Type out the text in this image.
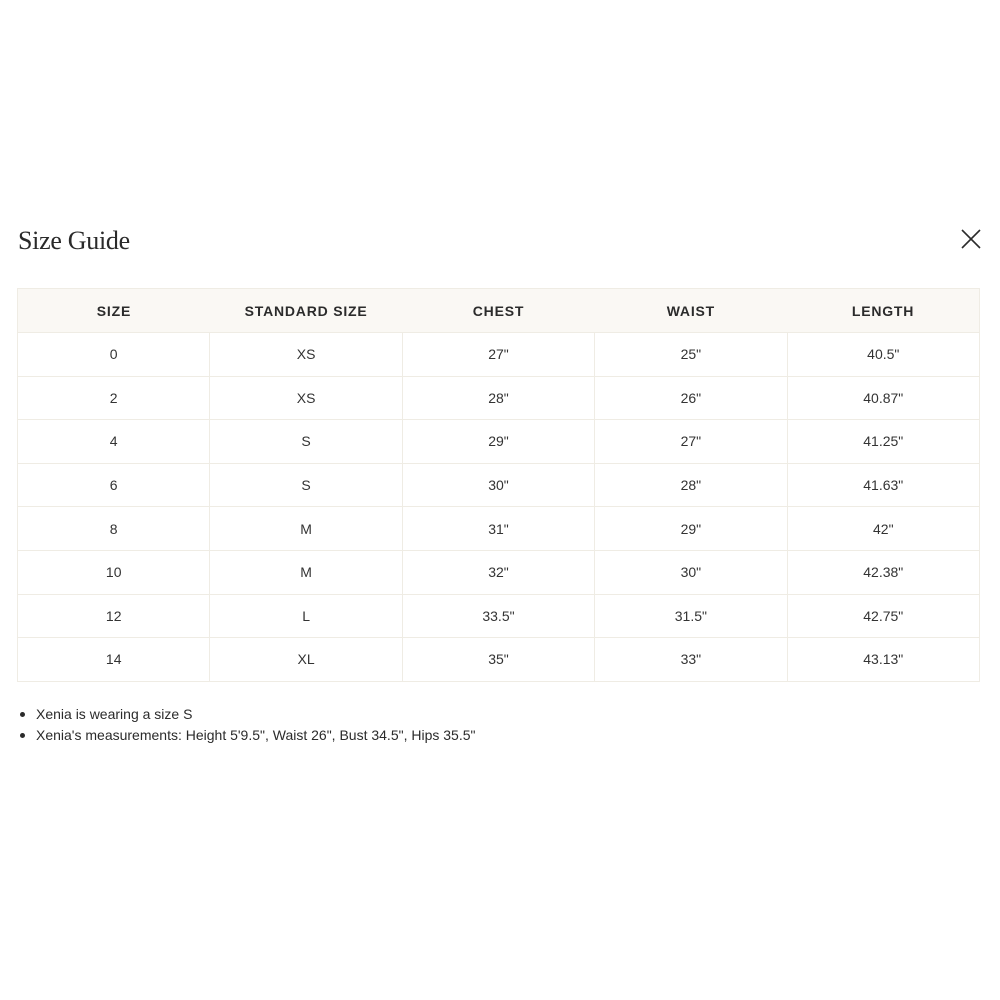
Size Guide
SIZE	STANDARD SIZE	CHEST	WAIST	LENGTH
0	XS	27"	25"	40.5"
2	XS	28"	26"	40.87"
4	S	29"	27"	41.25"
6	S	30"	28"	41.63"
8	M	31"	29"	42"
10	M	32"	30"	42.38"
12	L	33.5"	31.5"	42.75"
14	XL	35"	33"	43.13"
Xenia is wearing a size S
Xenia's measurements: Height 5'9.5", Waist 26", Bust 34.5", Hips 35.5"
